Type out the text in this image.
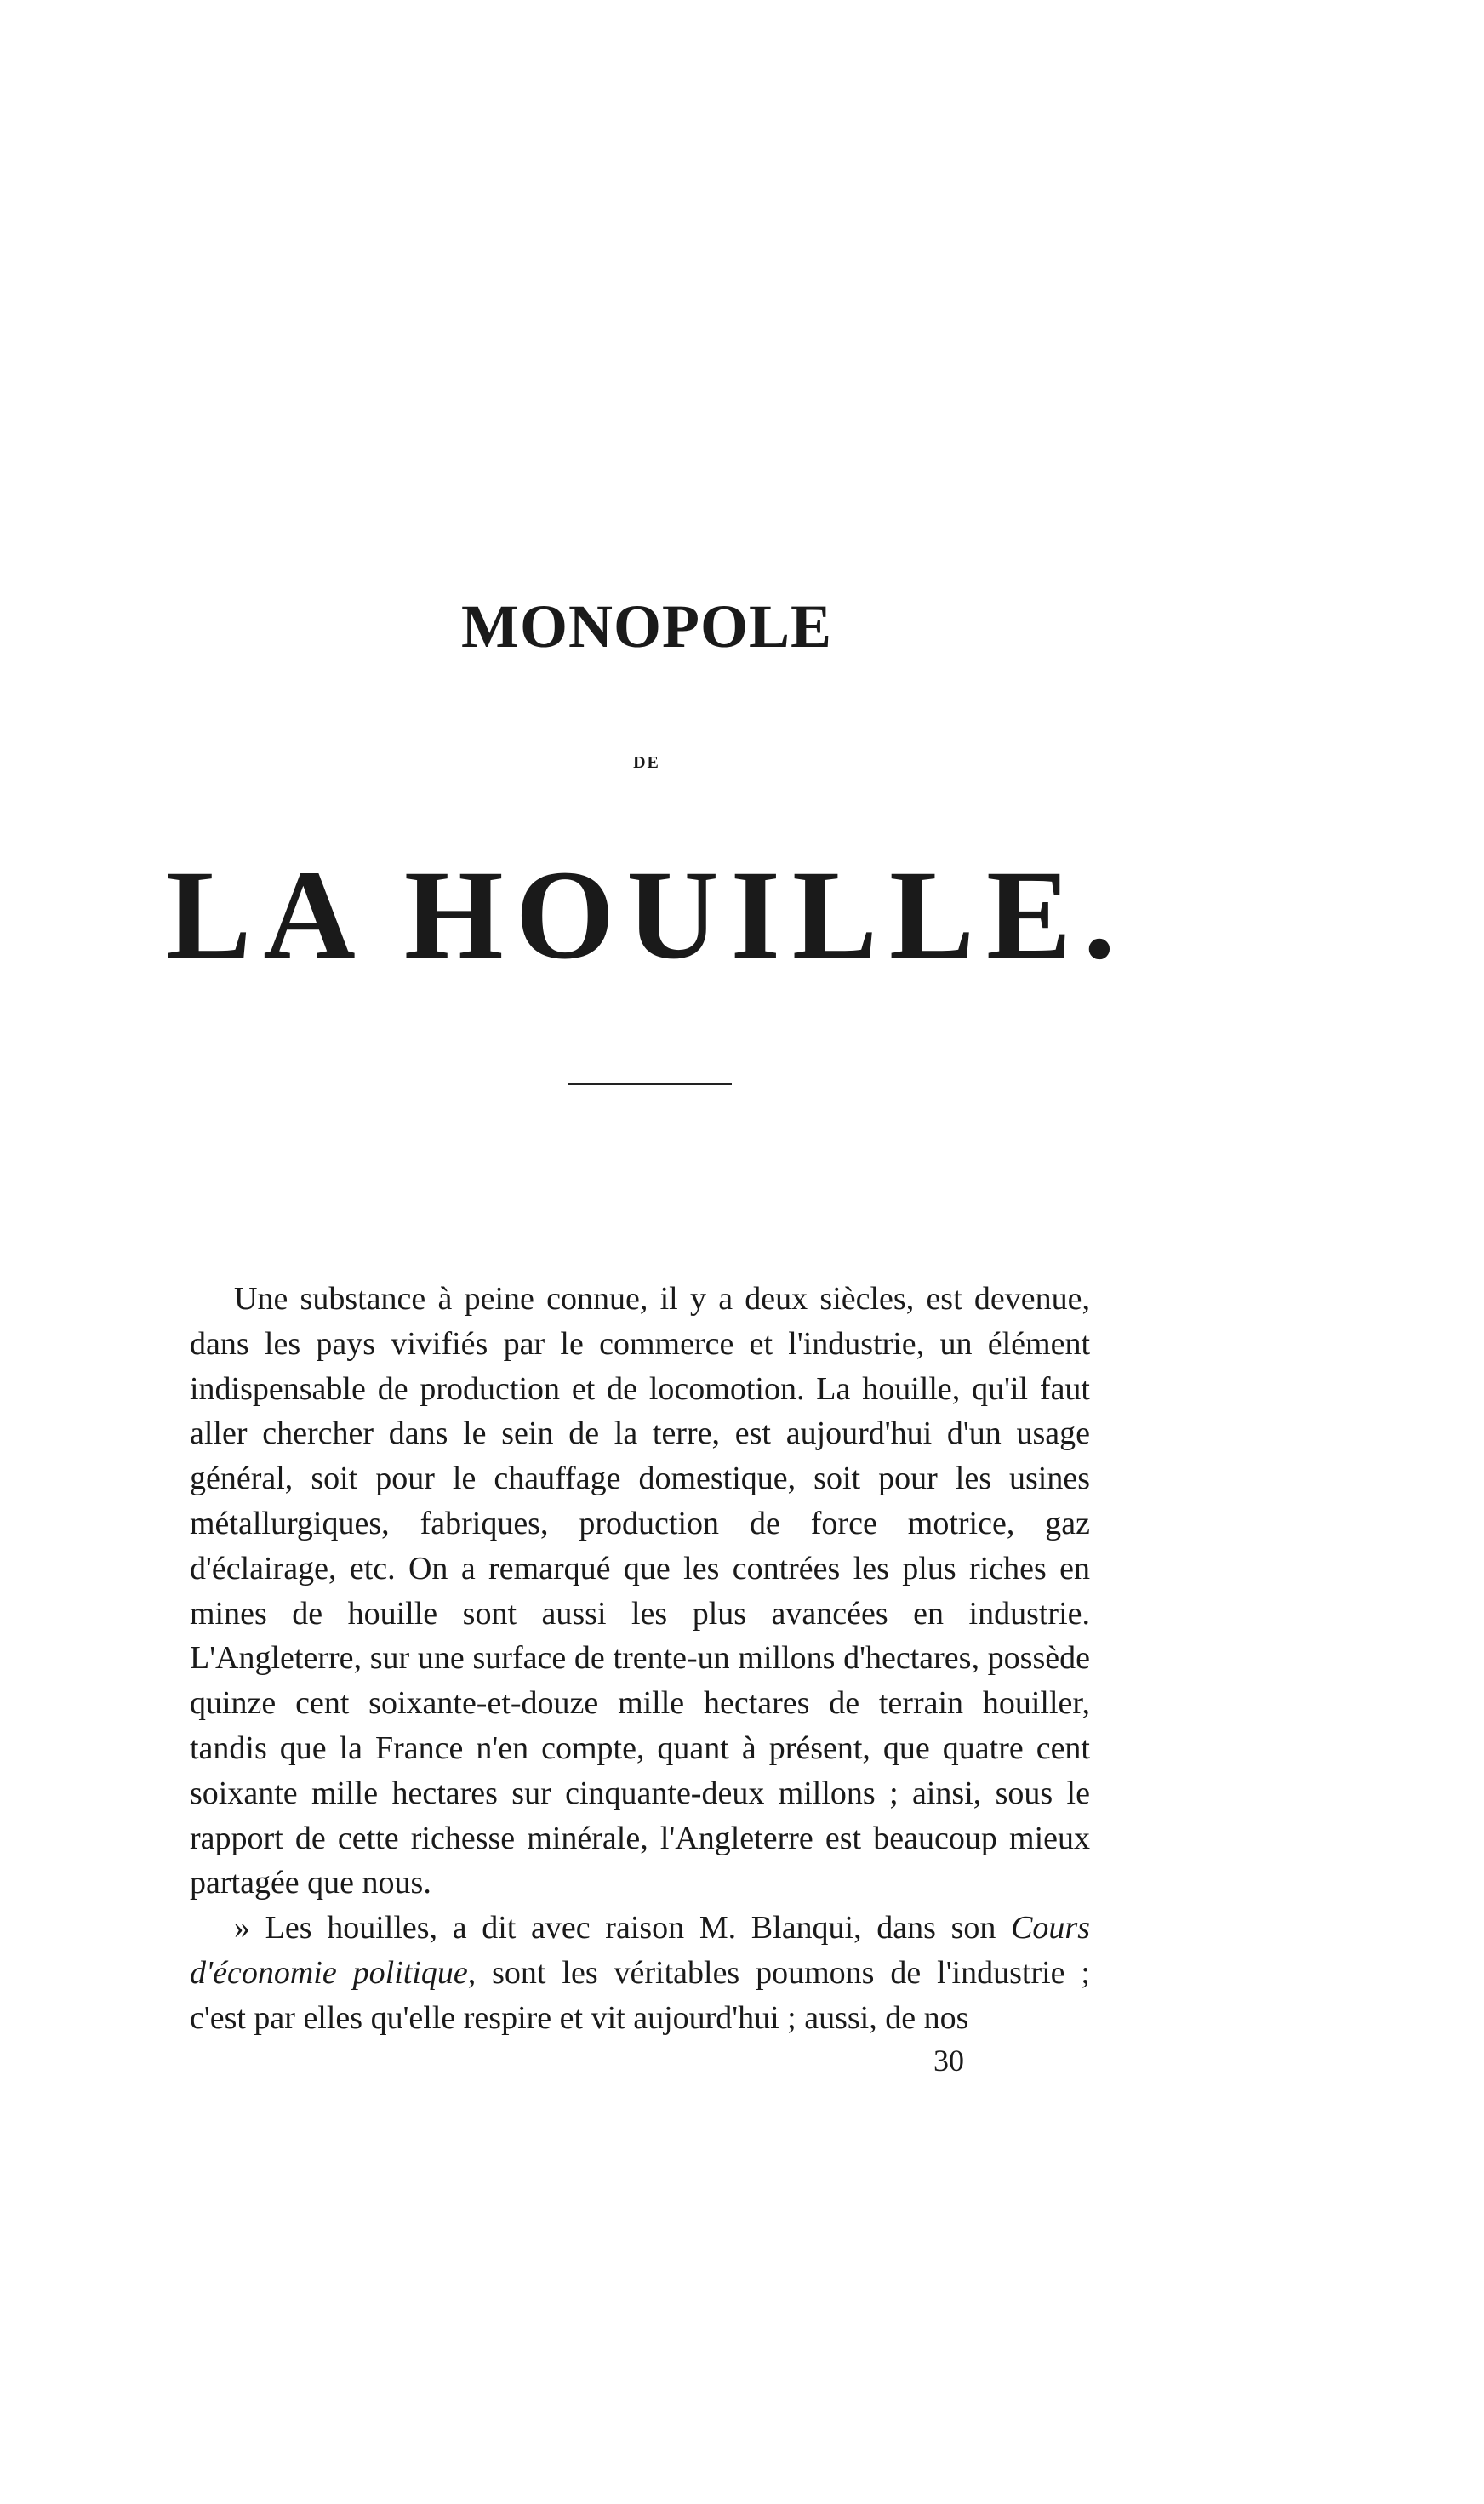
MONOPOLE
DE
LA HOUILLE.

Une substance à peine connue, il y a deux siècles, est devenue, dans les pays vivifiés par le commerce et l'industrie, un élément indispensable de production et de locomotion. La houille, qu'il faut aller chercher dans le sein de la terre, est aujourd'hui d'un usage général, soit pour le chauffage domestique, soit pour les usines métallurgiques, fabriques, production de force motrice, gaz d'éclairage, etc. On a remarqué que les contrées les plus riches en mines de houille sont aussi les plus avancées en industrie. L'Angleterre, sur une surface de trente-un millons d'hectares, possède quinze cent soixante-et-douze mille hectares de terrain houiller, tandis que la France n'en compte, quant à présent, que quatre cent soixante mille hectares sur cinquante-deux millons ; ainsi, sous le rapport de cette richesse minérale, l'Angleterre est beaucoup mieux partagée que nous.

» Les houilles, a dit avec raison M. Blanqui, dans son Cours d'économie politique, sont les véritables poumons de l'industrie ; c'est par elles qu'elle respire et vit aujourd'hui ; aussi, de nos

30
